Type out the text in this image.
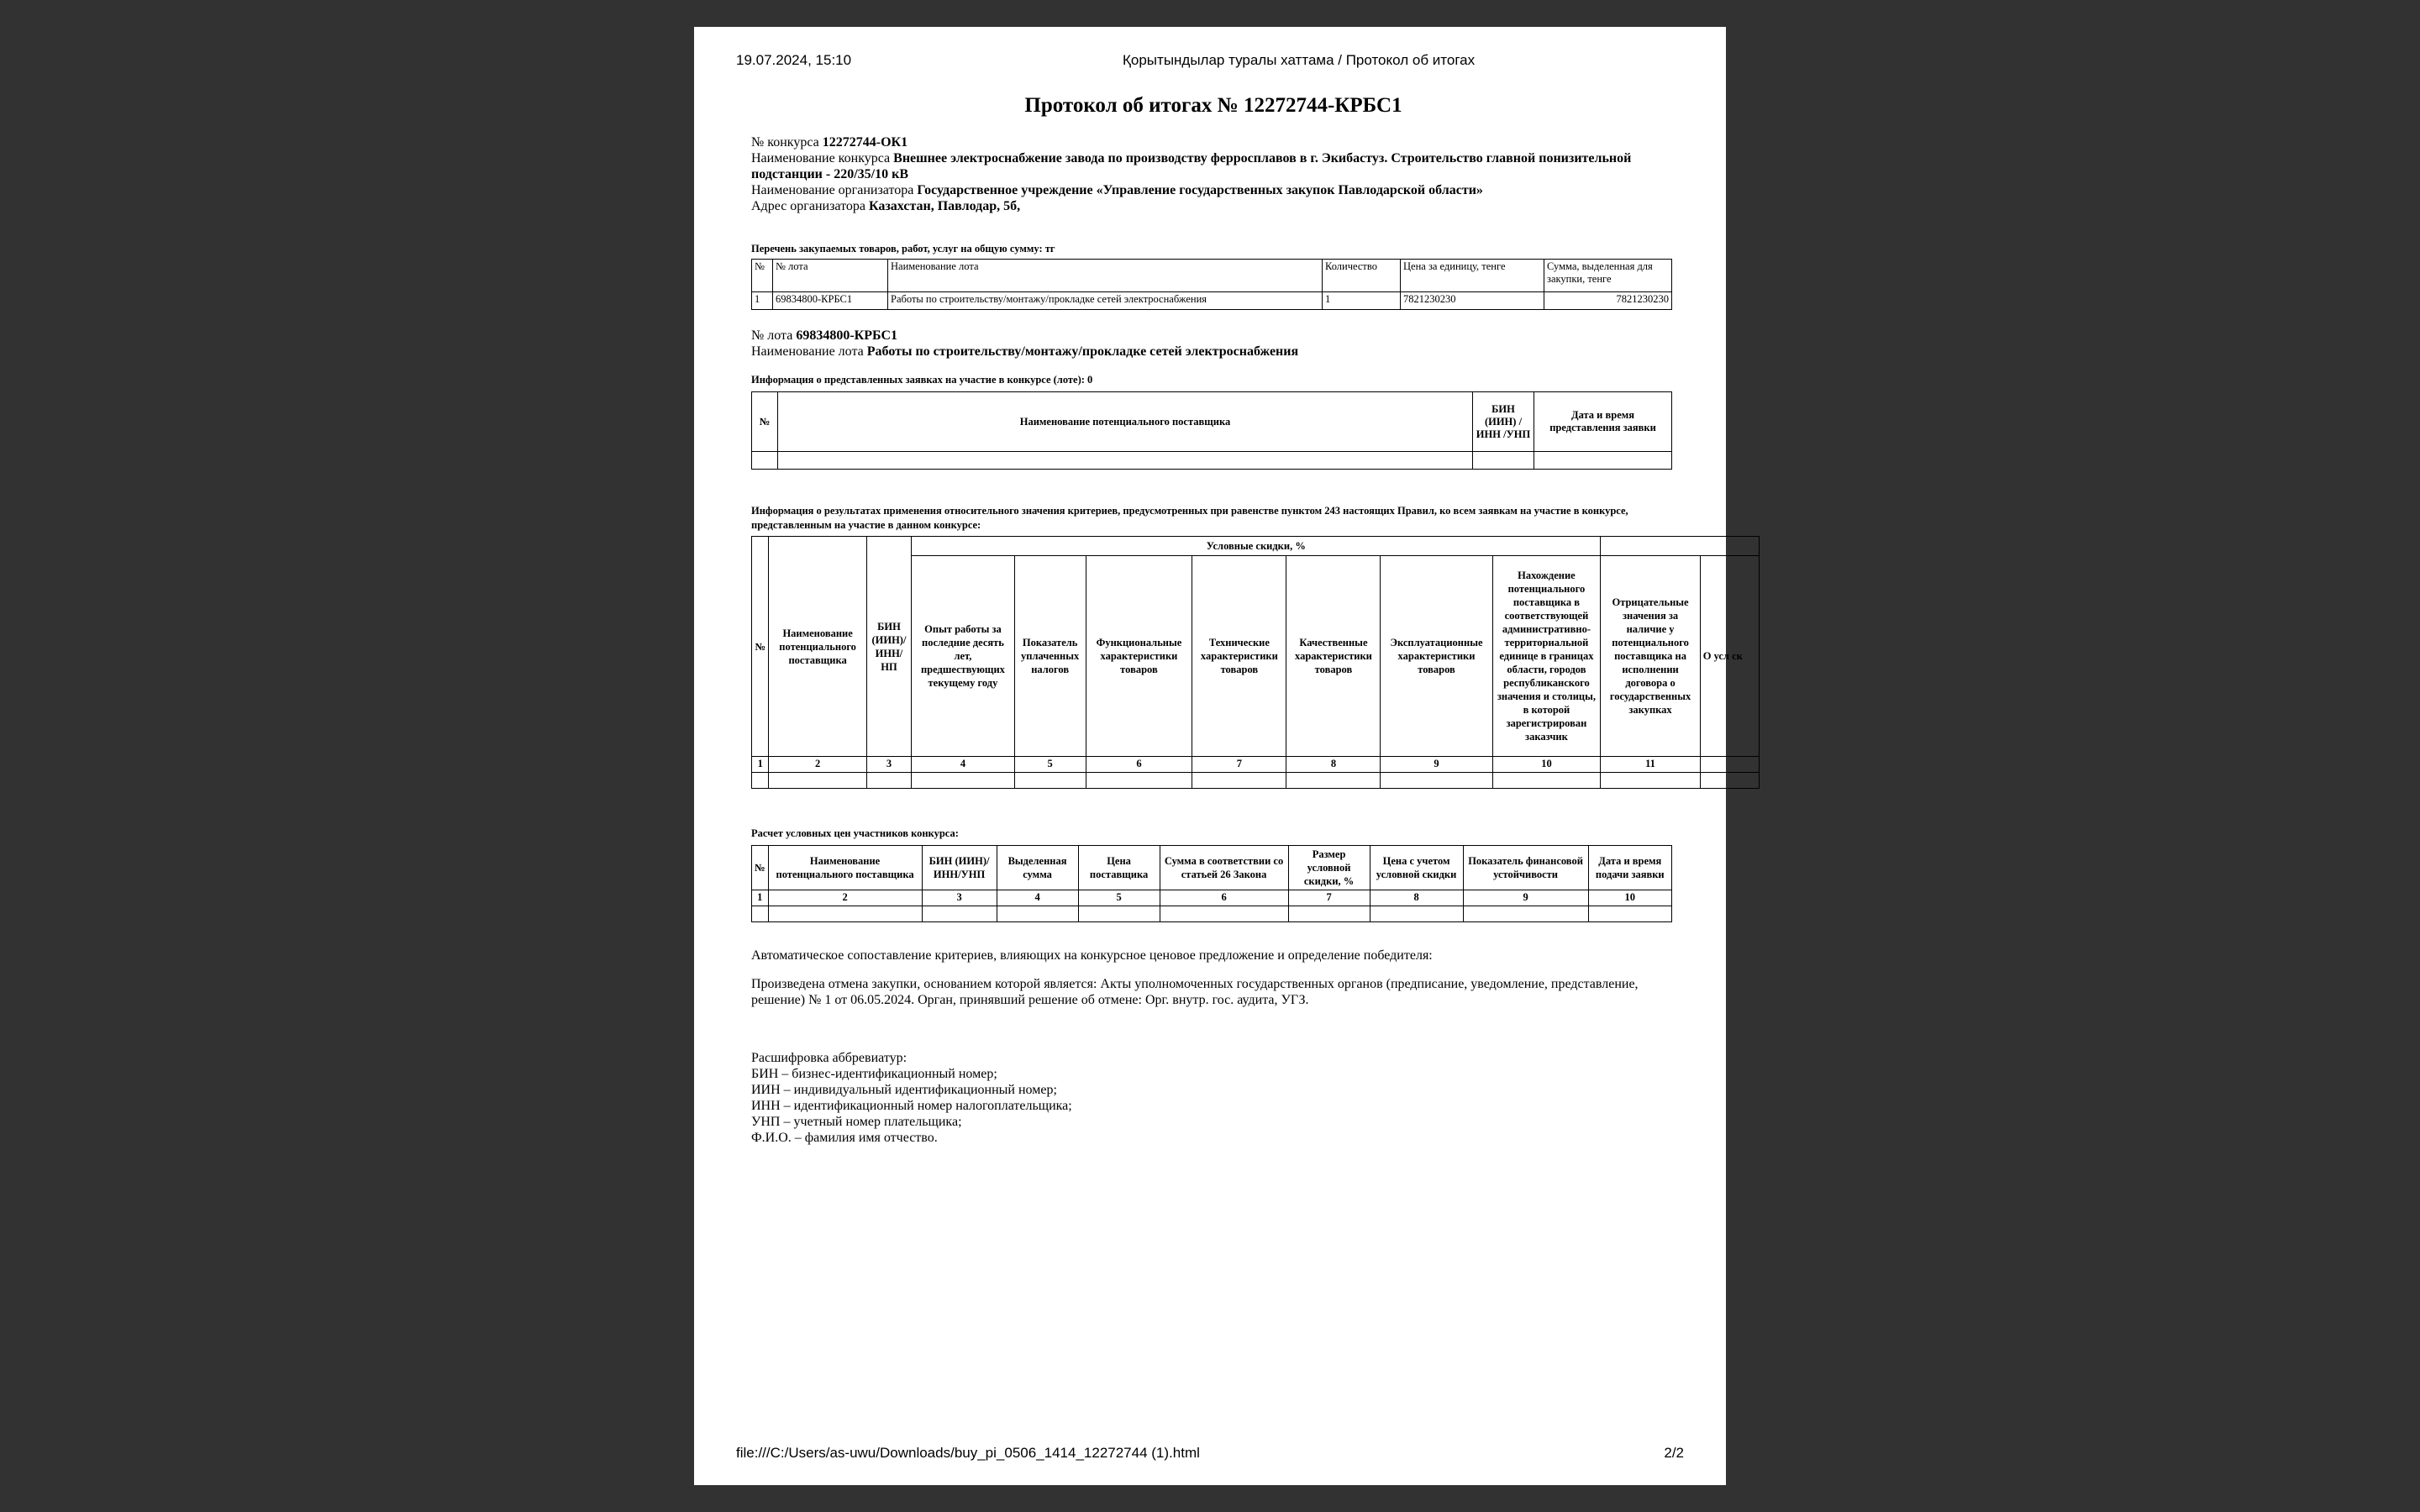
19.07.2024, 15:10	Қорытындылар туралы хаттама / Протокол об итогах
Протокол об итогах № 12272744-КРБС1
№ конкурса 12272744-ОК1
Наименование конкурса Внешнее электроснабжение завода по производству ферросплавов в г. Экибастуз. Строительство главной понизительной подстанции - 220/35/10 кВ
Наименование организатора Государственное учреждение «Управление государственных закупок Павлодарской области»
Адрес организатора Казахстан, Павлодар, 5б,
Перечень закупаемых товаров, работ, услуг на общую сумму: тг
№	№ лота	Наименование лота	Количество	Цена за единицу, тенге	Сумма, выделенная для закупки, тенге
1	69834800-КРБС1	Работы по строительству/монтажу/прокладке сетей электроснабжения	1	7821230230	7821230230
№ лота 69834800-КРБС1
Наименование лота Работы по строительству/монтажу/прокладке сетей электроснабжения
Информация о представленных заявках на участие в конкурсе (лоте): 0
№	Наименование потенциального поставщика	БИН (ИИН) /ИНН /УНП	Дата и время представления заявки

Информация о результатах применения относительного значения критериев, предусмотренных при равенстве пунктом 243 настоящих Правил, ко всем заявкам на участие в конкурсе, представленным на участие в данном конкурсе:
№	Наименование потенциального поставщика	БИН (ИИН)/ ИНН/ НП	Условные скидки, %								
			Опыт работы за последние десять лет, предшествующих текущему году	Показатель уплаченных налогов	Функциональные характеристики товаров	Технические характеристики товаров	Качественные характеристики товаров	Эксплуатационные характеристики товаров	Нахождение потенциального поставщика в соответствующей административно-территориальной единице в границах области, городов республиканского значения и столицы, в которой зарегистрирован заказчик	Отрицательные значения за наличие у потенциального поставщика на исполнении договора о государственных закупках	О усл ск
1	2	3	4	5	6	7	8	9	10	11	

Расчет условных цен участников конкурса:
№	Наименование потенциального поставщика	БИН (ИИН)/ ИНН/УНП	Выделенная сумма	Цена поставщика	Сумма в соответствии со статьей 26 Закона	Размер условной скидки, %	Цена с учетом условной скидки	Показатель финансовой устойчивости	Дата и время подачи заявки
1	2	3	4	5	6	7	8	9	10

Автоматическое сопоставление критериев, влияющих на конкурсное ценовое предложение и определение победителя:
Произведена отмена закупки, основанием которой является: Акты уполномоченных государственных органов (предписание, уведомление, представление, решение) № 1 от 06.05.2024. Орган, принявший решение об отмене: Орг. внутр. гос. аудита, УГЗ.
Расшифровка аббревиатур:
БИН – бизнес-идентификационный номер;
ИИН – индивидуальный идентификационный номер;
ИНН – идентификационный номер налогоплательщика;
УНП – учетный номер плательщика;
Ф.И.О. – фамилия имя отчество.
file:///C:/Users/as-uwu/Downloads/buy_pi_0506_1414_12272744 (1).html	2/2
